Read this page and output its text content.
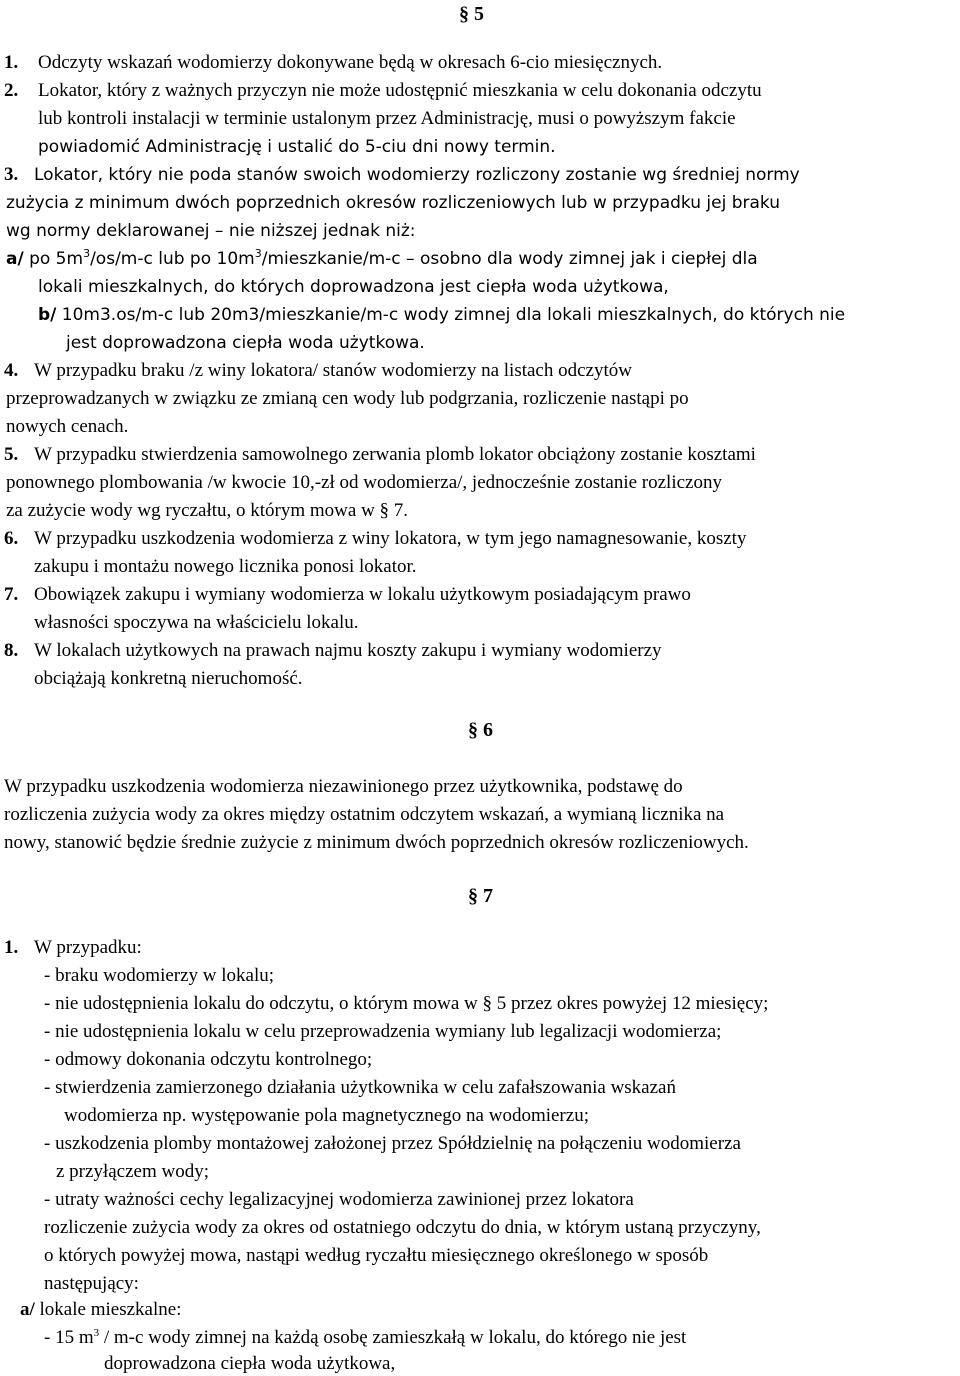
§ 5
1. Odczyty wskazań wodomierzy dokonywane będą w okresach 6-cio miesięcznych.
2. Lokator, który z ważnych przyczyn nie może udostępnić mieszkania w celu dokonania odczytu
lub kontroli instalacji w terminie ustalonym przez Administrację, musi o powyższym fakcie
powiadomić Administrację i ustalić do 5-ciu dni nowy termin.
3. Lokator, który nie poda stanów swoich wodomierzy rozliczony zostanie wg średniej normy
zużycia z minimum dwóch poprzednich okresów rozliczeniowych lub w przypadku jej braku
wg normy deklarowanej – nie niższej jednak niż:
a/ po $5m^3/os/m-c$ lub po $10m^3/mieszkanie/m-c$ – osobno dla wody zimnej jak i ciepłej dla
lokali mieszkalnych, do których doprowadzona jest ciepła woda użytkowa,
b/ 10m3.os/m-c lub 20m3/mieszkanie/m-c wody zimnej dla lokali mieszkalnych, do których nie
jest doprowadzona ciepła woda użytkowa.
4. W przypadku braku /z winy lokatora/ stanów wodomierzy na listach odczytów
przeprowadzanych w związku ze zmianą cen wody lub podgrzania, rozliczenie nastąpi po
nowych cenach.
5. W przypadku stwierdzenia samowolnego zerwania plomb lokator obciążony zostanie kosztami
ponownego plombowania /w kwocie 10,-zł od wodomierza/, jednocześnie zostanie rozliczony
za zużycie wody wg ryczałtu, o którym mowa w § 7.
6. W przypadku uszkodzenia wodomierza z winy lokatora, w tym jego namagnesowanie, koszty
zakupu i montażu nowego licznika ponosi lokator.
7. Obowiązek zakupu i wymiany wodomierza w lokalu użytkowym posiadającym prawo
własności spoczywa na właścicielu lokalu.
8. W lokalach użytkowych na prawach najmu koszty zakupu i wymiany wodomierzy
obciążają konkretną nieruchomość.
§ 6
W przypadku uszkodzenia wodomierza niezawinionego przez użytkownika, podstawę do
rozliczenia zużycia wody za okres między ostatnim odczytem wskazań, a wymianą licznika na
nowy, stanowić będzie średnie zużycie z minimum dwóch poprzednich okresów rozliczeniowych.
§ 7
1. W przypadku:
- braku wodomierzy w lokalu;
- nie udostępnienia lokalu do odczytu, o którym mowa w § 5 przez okres powyżej 12 miesięcy;
- nie udostępnienia lokalu w celu przeprowadzenia wymiany lub legalizacji wodomierza;
- odmowy dokonania odczytu kontrolnego;
- stwierdzenia zamierzonego działania użytkownika w celu zafałszowania wskazań
wodomierza np. występowanie pola magnetycznego na wodomierzu;
- uszkodzenia plomby montażowej założonej przez Spółdzielnię na połączeniu wodomierza
z przyłączem wody;
- utraty ważności cechy legalizacyjnej wodomierza zawinionej przez lokatora
rozliczenie zużycia wody za okres od ostatniego odczytu do dnia, w którym ustaną przyczyny,
o których powyżej mowa, nastąpi według ryczałtu miesięcznego określonego w sposób
następujący:
a/ lokale mieszkalne:
- 15 $m^3 / m-c$ wody zimnej na każdą osobę zamieszkałą w lokalu, do którego nie jest
doprowadzona ciepła woda użytkowa,
